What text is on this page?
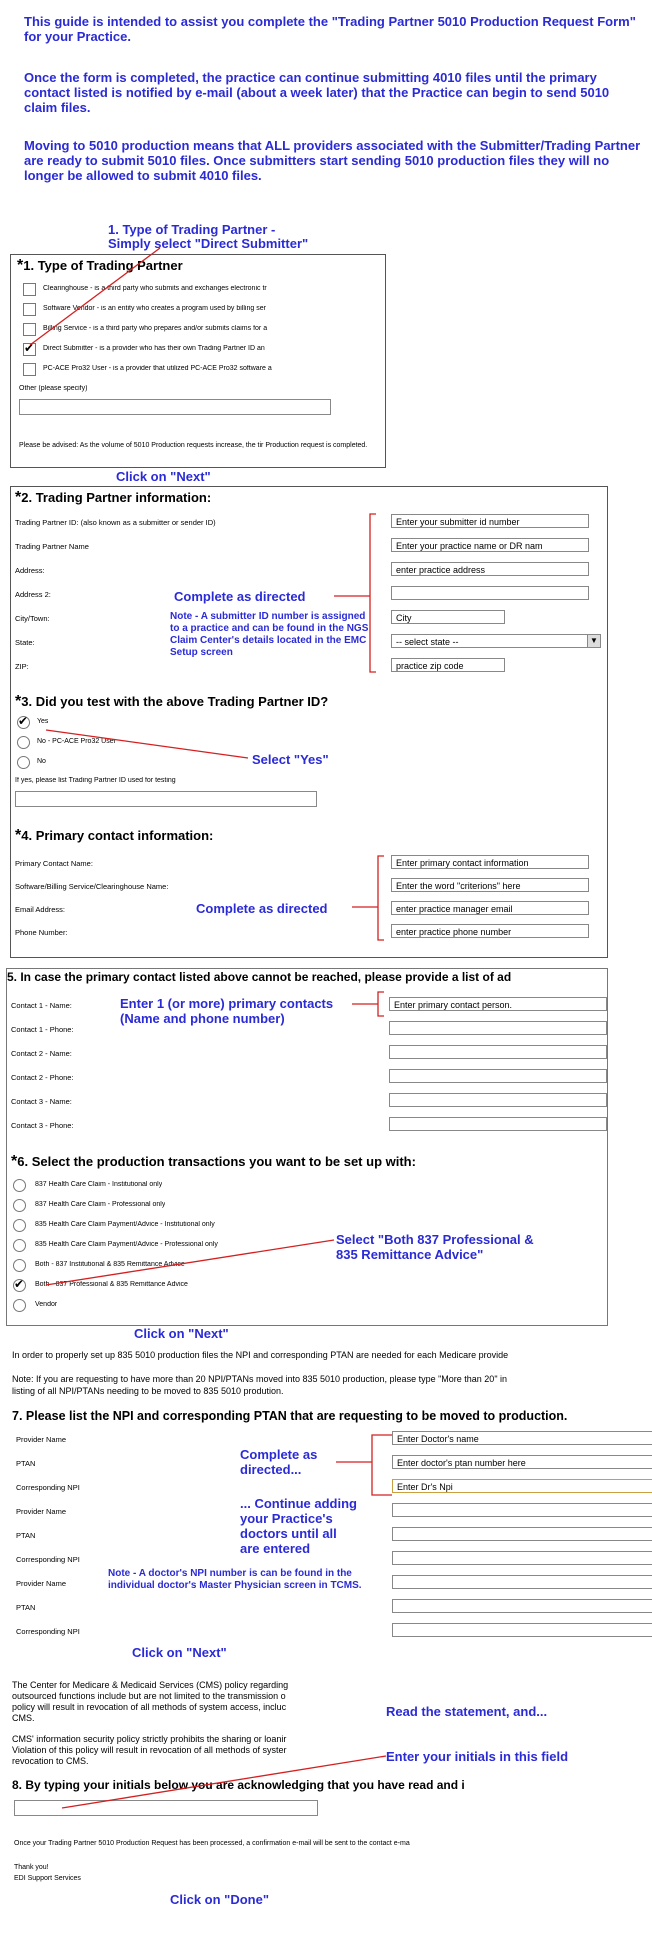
This guide is intended to assist you complete the "Trading Partner 5010 Production Request Form" for your Practice.
Once the form is completed, the practice can continue submitting 4010 files until the primary contact listed is notified by e-mail (about a week later) that the Practice can begin to send 5010 claim files.
Moving to 5010 production means that ALL providers associated with the Submitter/Trading Partner are ready to submit 5010 files. Once submitters start sending 5010 production files they will no longer be allowed to submit 4010 files.
1. Type of Trading Partner -
Simply select "Direct Submitter"
*1. Type of Trading Partner
Clearinghouse - is a third party who submits and exchanges electronic tr
Software Vendor - is an entity who creates a program used by billing ser
Billing Service - is a third party who prepares and/or submits claims for a
✔ Direct Submitter - is a provider who has their own Trading Partner ID an
PC-ACE Pro32 User - is a provider that utilized PC-ACE Pro32 software a
Other (please specify)
Please be advised: As the volume of 5010 Production requests increase, the tir Production request is completed.
Click on "Next"
*2. Trading Partner information:
Trading Partner ID: (also known as a submitter or sender ID)	Enter your submitter id number
Trading Partner Name	Enter your practice name or DR nam
Address:	enter practice address
Address 2:
City/Town:	City
State:	-- select state --	▼
ZIP:	practice zip code
*3. Did you test with the above Trading Partner ID?
✔ Yes
No - PC-ACE Pro32 User
No
If yes, please list Trading Partner ID used for testing
*4. Primary contact information:
Primary Contact Name:	Enter primary contact information
Software/Billing Service/Clearinghouse Name:	Enter the word "criterions" here
Email Address:	enter practice manager email
Phone Number:	enter practice phone number
Complete as directed
Note - A submitter ID number is assigned to a practice and can be found in the NGS Claim Center's details located in the EMC Setup screen
Select "Yes"
Complete as directed
5. In case the primary contact listed above cannot be reached, please provide a list of ad
Contact 1 - Name:	Enter primary contact person.
Contact 1 - Phone:
Contact 2 - Name:
Contact 2 - Phone:
Contact 3 - Name:
Contact 3 - Phone:
*6. Select the production transactions you want to be set up with:
837 Health Care Claim - Institutional only
837 Health Care Claim - Professional only
835 Health Care Claim Payment/Advice - Institutional only
835 Health Care Claim Payment/Advice - Professional only
Both - 837 Institutional & 835 Remittance Advice
✔ Both - 837 Professional & 835 Remittance Advice
Vendor
Enter 1 (or more) primary contacts
(Name and phone number)
Select "Both 837 Professional &
835 Remittance Advice"
Click on "Next"
In order to properly set up 835 5010 production files the NPI and corresponding PTAN are needed for each Medicare provide
Note: If you are requesting to have more than 20 NPI/PTANs moved into 835 5010 production, please type "More than 20" in
listing of all NPI/PTANs needing to be moved to 835 5010 prodution.
7. Please list the NPI and corresponding PTAN that are requesting to be moved to production.
Provider Name	Enter Doctor's name
PTAN	Enter doctor's ptan number here
Corresponding NPI	Enter Dr's Npi
Provider Name
PTAN
Corresponding NPI
Provider Name
PTAN
Corresponding NPI
Complete as
directed...
... Continue adding
your Practice's
doctors until all
are entered
Note - A doctor's NPI number is can be found in the individual doctor's Master Physician screen in TCMS.
Click on "Next"
The Center for Medicare & Medicaid Services (CMS) policy regarding
outsourced functions include but are not limited to the transmission o
policy will result in revocation of all methods of system access, incluc
CMS.
CMS' information security policy strictly prohibits the sharing or loanir
Violation of this policy will result in revocation of all methods of syster
revocation to CMS.
Read the statement, and...
Enter your initials in this field
8. By typing your initials below you are acknowledging that you have read and i
Once your Trading Partner 5010 Production Request has been processed, a confirmation e-mail will be sent to the contact e-ma
Thank you!
EDI Support Services
Click on "Done"
